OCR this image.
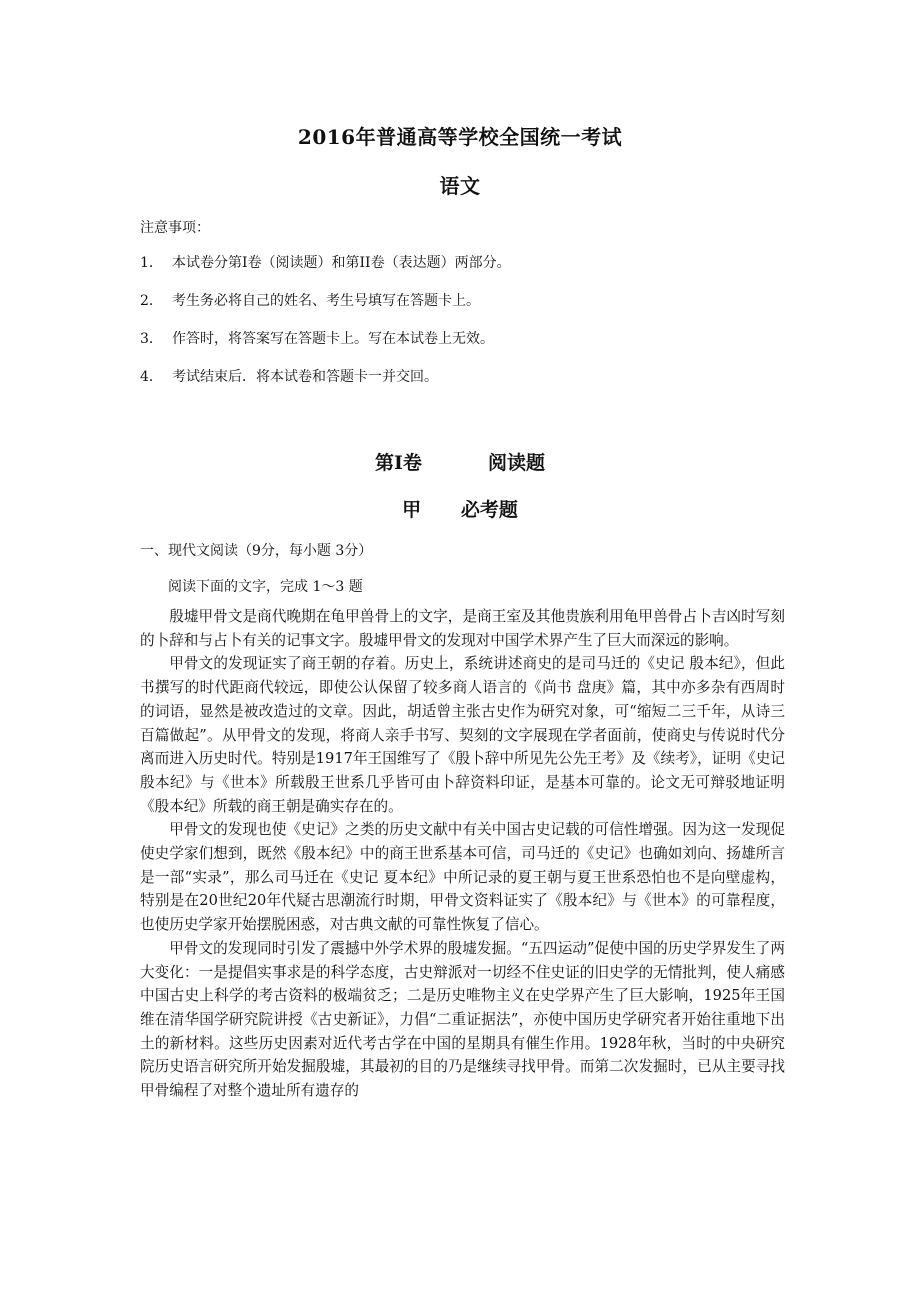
2016年普通高等学校全国统一考试
语文
注意事项：
1． 本试卷分第I卷（阅读题）和第II卷（表达题）两部分。
2． 考生务必将自己的姓名、考生号填写在答题卡上。
3． 作答时，将答案写在答题卡上。写在本试卷上无效。
4． 考试结束后．将本试卷和答题卡一并交回。
第I卷          阅读题
甲      必考题
一、现代文阅读（9分，每小题 3分）
阅读下面的文字，完成 1～3 题

殷墟甲骨文是商代晚期在龟甲兽骨上的文字，是商王室及其他贵族利用龟甲兽骨占卜吉凶时写刻的卜辞和与占卜有关的记事文字。殷墟甲骨文的发现对中国学术界产生了巨大而深远的影响。

甲骨文的发现证实了商王朝的存着。历史上，系统讲述商史的是司马迁的《史记 殷本纪》，但此书撰写的时代距商代较远，即使公认保留了较多商人语言的《尚书 盘庚》篇，其中亦多杂有西周时的词语，显然是被改造过的文章。因此，胡适曾主张古史作为研究对象，可“缩短二三千年，从诗三百篇做起”。从甲骨文的发现，将商人亲手书写、契刻的文字展现在学者面前，使商史与传说时代分离而进入历史时代。特别是1917年王国维写了《殷卜辞中所见先公先王考》及《续考》，证明《史记 殷本纪》与《世本》所载殷王世系几乎皆可由卜辞资料印证，是基本可靠的。论文无可辩驳地证明《殷本纪》所载的商王朝是确实存在的。

甲骨文的发现也使《史记》之类的历史文献中有关中国古史记载的可信性增强。因为这一发现促使史学家们想到，既然《殷本纪》中的商王世系基本可信，司马迁的《史记》也确如刘向、扬雄所言是一部“实录”，那么司马迁在《史记 夏本纪》中所记录的夏王朝与夏王世系恐怕也不是向壁虚构，特别是在20世纪20年代疑古思潮流行时期，甲骨文资料证实了《殷本纪》与《世本》的可靠程度，也使历史学家开始摆脱困惑，对古典文献的可靠性恢复了信心。

甲骨文的发现同时引发了震撼中外学术界的殷墟发掘。“五四运动”促使中国的历史学界发生了两大变化：一是提倡实事求是的科学态度，古史辩派对一切经不住史证的旧史学的无情批判，使人痛感中国古史上科学的考古资料的极端贫乏；二是历史唯物主义在史学界产生了巨大影响，1925年王国维在清华国学研究院讲授《古史新证》，力倡“二重证据法”，亦使中国历史学研究者开始往重地下出土的新材料。这些历史因素对近代考古学在中国的星期具有催生作用。1928年秋，当时的中央研究院历史语言研究所开始发掘殷墟，其最初的目的乃是继续寻找甲骨。而第二次发掘时，已从主要寻找甲骨编程了对整个遗址所有遗存的
